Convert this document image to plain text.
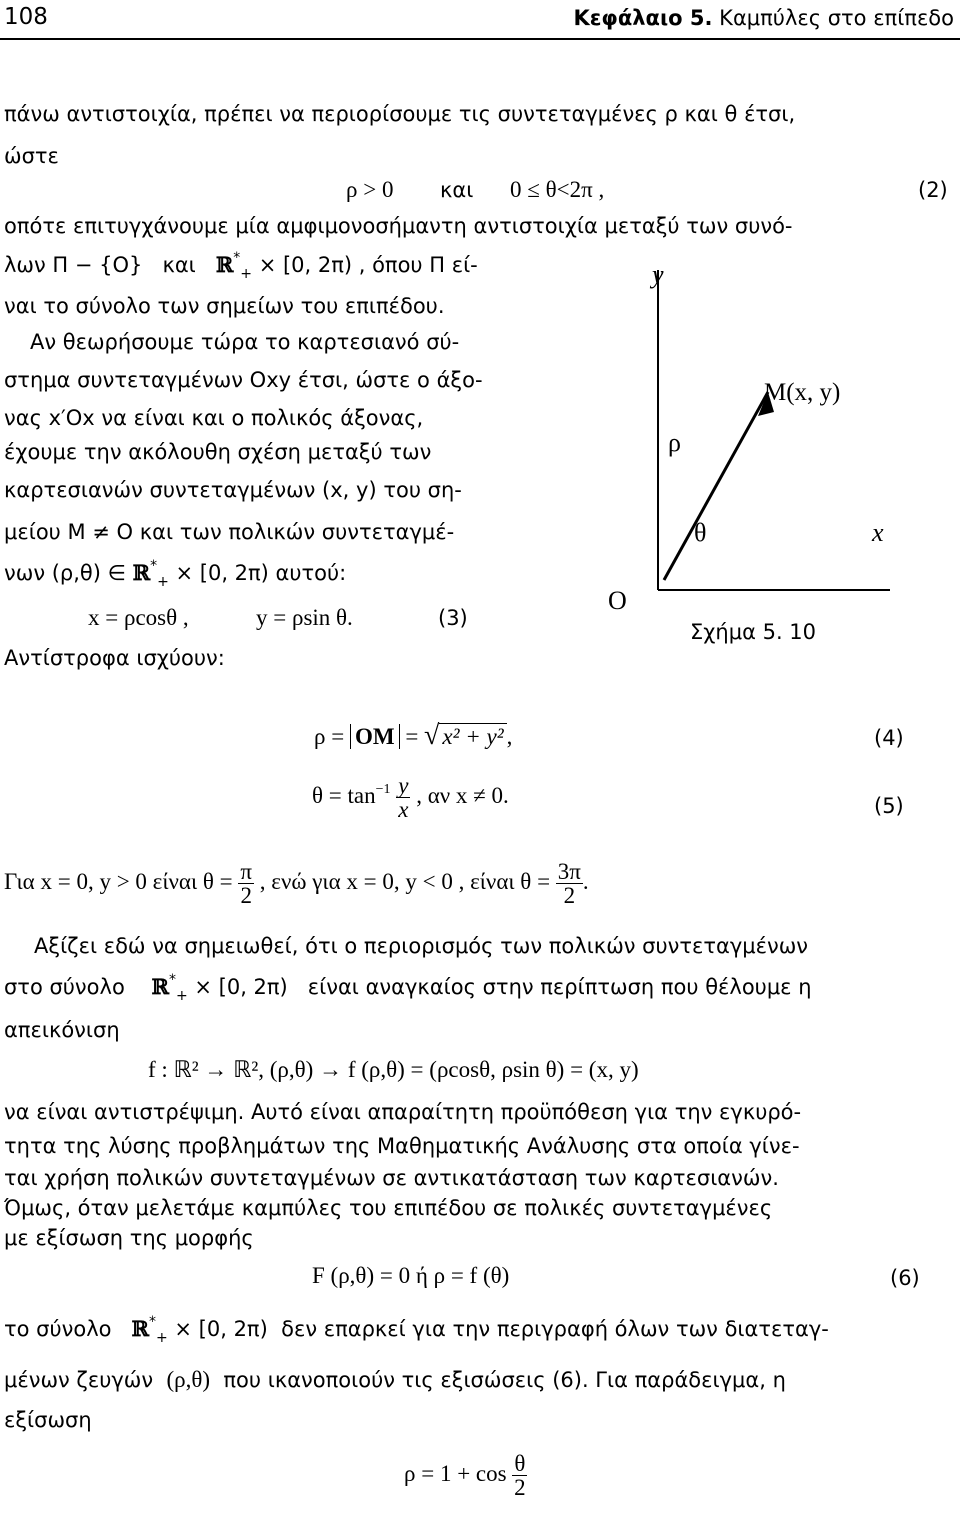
108	Κεφάλαιο 5. Καμπύλες στο επίπεδο
πάνω αντιστοιχία, πρέπει να περιορίσουμε τις συντεταγμένες ρ και θ έτσι,
ώστε
ρ > 0 και 0 ≤ θ<2π ,	(2)
οπότε επιτυγχάνουμε μία αμφιμονοσήμαντη αντιστοιχία μεταξύ των συνό-
λων Π − {O} και ℝ*$_+$ × [0, 2π) , όπου Π εί-
ναι το σύνολο των σημείων του επιπέδου.
Αν θεωρήσουμε τώρα το καρτεσιανό σύ-
στημα συντεταγμένων Oxy έτσι, ώστε ο άξο-
νας x′Ox να είναι και ο πολικός άξονας,
έχουμε την ακόλουθη σχέση μεταξύ των
καρτεσιανών συντεταγμένων (x, y) του ση-
μείου M ≠ O και των πολικών συντεταγμέ-
νων (ρ,θ) ∈ ℝ*$_+$ × [0, 2π) αυτού:
x = ρcosθ ,	y = ρsin θ.	(3)
Αντίστροφα ισχύουν:
y
M(x, y)
ρ
θ	x
O
Σχήμα 5. 10
ρ = OM = √ x² + y² ,	(4)
$\theta = \tan^{-1} \frac{y}{x}$ , αν x ≠ 0.	(5)
Για x = 0, y > 0 είναι $\theta = \frac{\pi}{2}$ , ενώ για x = 0, y < 0 , είναι $\theta = \frac{3\pi}{2}$ .
Αξίζει εδώ να σημειωθεί, ότι ο περιορισμός των πολικών συντεταγμένων
στο σύνολο ℝ*$_+$ × [0, 2π) είναι αναγκαίος στην περίπτωση που θέλουμε η
απεικόνιση
f : ℝ² → ℝ², (ρ,θ) → f (ρ,θ) = (ρcosθ, ρsin θ) = (x, y)
να είναι αντιστρέψιμη. Αυτό είναι απαραίτητη προϋπόθεση για την εγκυρό-
τητα της λύσης προβλημάτων της Μαθηματικής Ανάλυσης στα οποία γίνε-
ται χρήση πολικών συντεταγμένων σε αντικατάσταση των καρτεσιανών.
Όμως, όταν μελετάμε καμπύλες του επιπέδου σε πολικές συντεταγμένες
με εξίσωση της μορφής
F (ρ,θ) = 0 ή ρ = f (θ)	(6)
το σύνολο ℝ*$_+$ × [0, 2π) δεν επαρκεί για την περιγραφή όλων των διατεταγ-
μένων ζευγών (ρ,θ) που ικανοποιούν τις εξισώσεις (6). Για παράδειγμα, η
εξίσωση
$\rho = 1 + \cos \frac{\theta}{2}$
